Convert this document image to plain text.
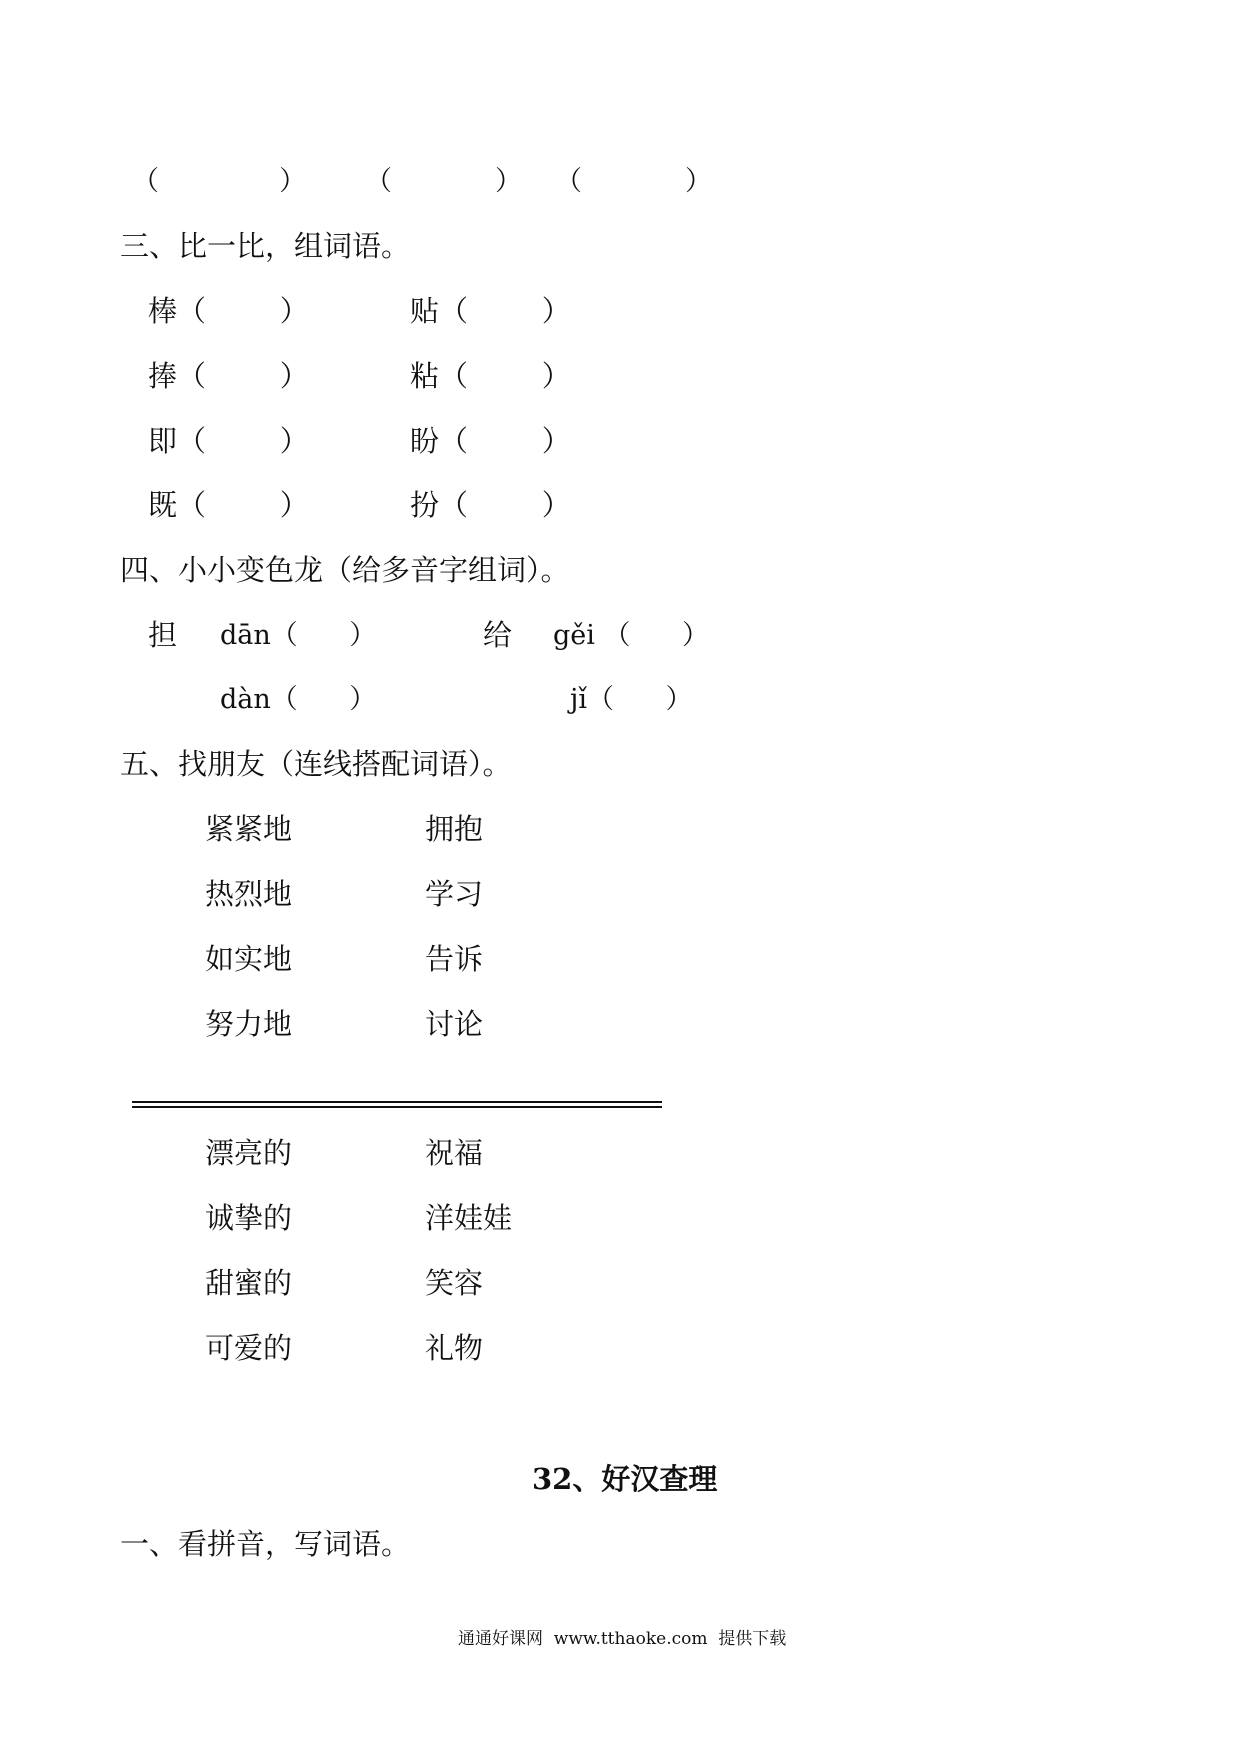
（              ） （            ） （            ）
三、比一比，组词语。
棒（        ）	贴（        ）
捧（        ）	粘（        ）
即（        ）	盼（        ）
既（        ）	扮（        ）
四、小小变色龙（给多音字组词）。
担 dān（      ）	给 gěi （      ）
dàn（      ）	jǐ（      ）
五、找朋友（连线搭配词语）。
紧紧地	拥抱
热烈地	学习
如实地	告诉
努力地	讨论
漂亮的	祝福
诚挚的	洋娃娃
甜蜜的	笑容
可爱的	礼物
32、好汉查理
一、看拼音，写词语。
通通好课网  www.tthaoke.com  提供下载
